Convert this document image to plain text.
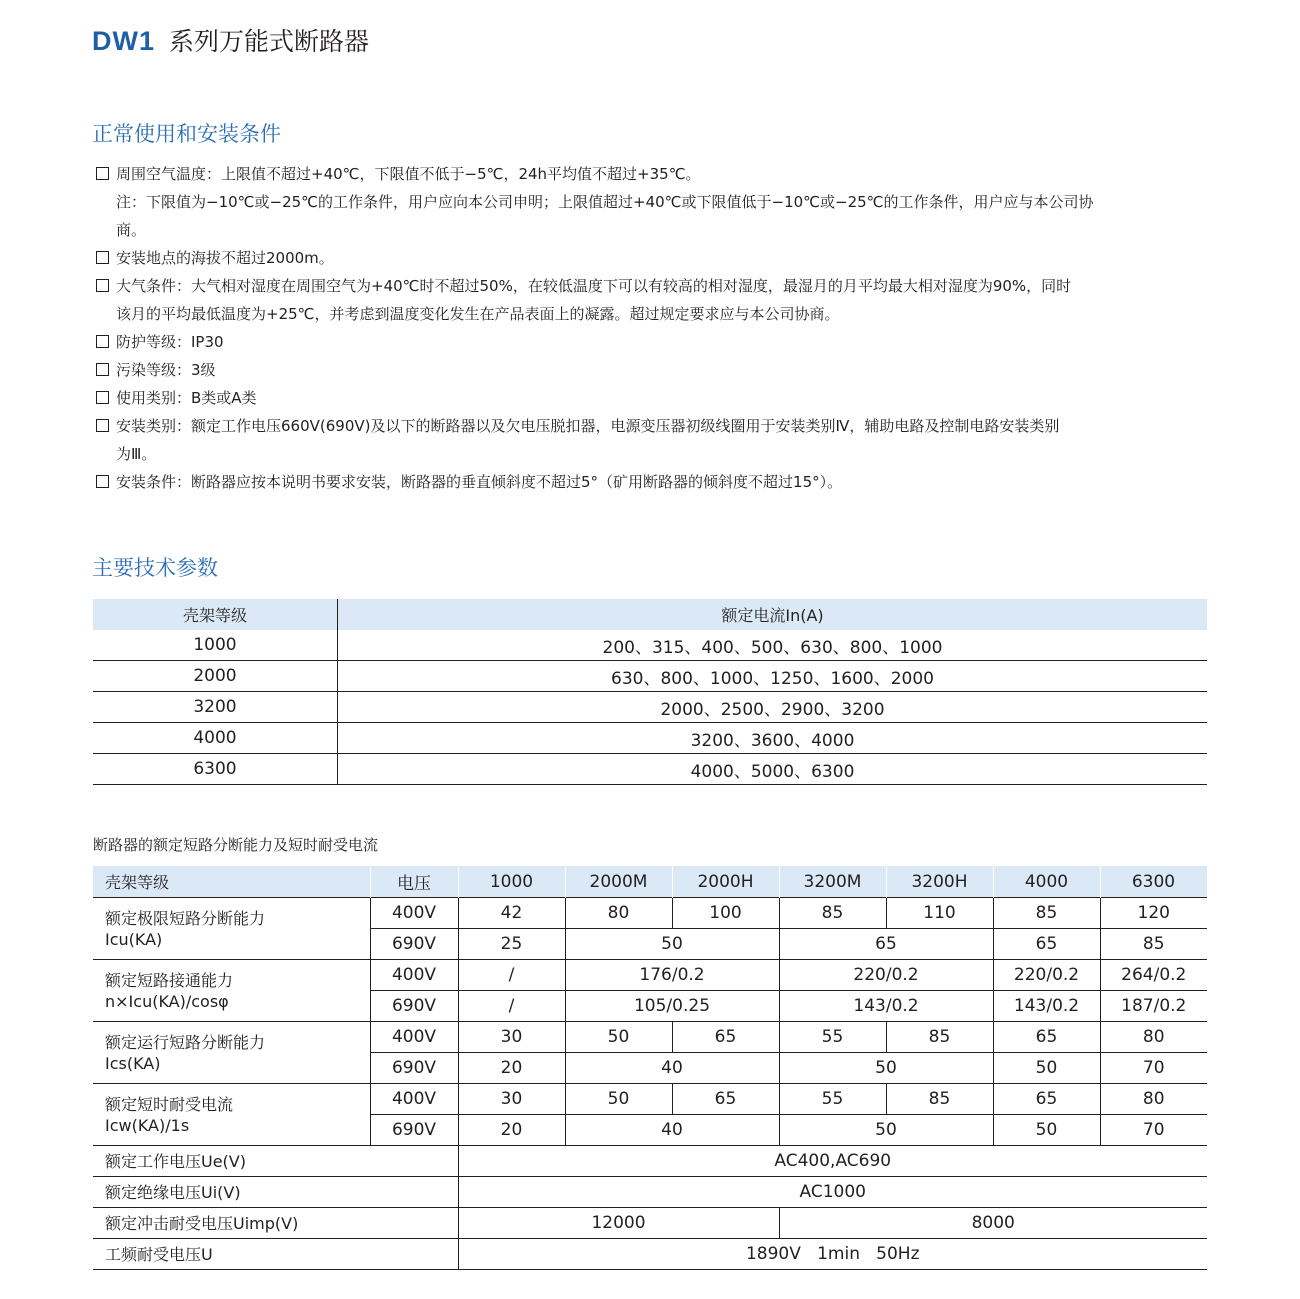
DW1 系列万能式断路器
正常使用和安装条件
周围空气温度：上限值不超过+40℃，下限值不低于−5℃，24h平均值不超过+35℃。
注：下限值为−10℃或−25℃的工作条件，用户应向本公司申明；上限值超过+40℃或下限值低于−10℃或−25℃的工作条件，用户应与本公司协
商。
安装地点的海拔不超过2000m。
大气条件：大气相对湿度在周围空气为+40℃时不超过50%，在较低温度下可以有较高的相对湿度，最湿月的月平均最大相对湿度为90%，同时
该月的平均最低温度为+25℃，并考虑到温度变化发生在产品表面上的凝露。超过规定要求应与本公司协商。
防护等级：IP30
污染等级：3级
使用类别：B类或A类
安装类别：额定工作电压660V(690V)及以下的断路器以及欠电压脱扣器，电源变压器初级线圈用于安装类别Ⅳ，辅助电路及控制电路安装类别
为Ⅲ。
安装条件：断路器应按本说明书要求安装，断路器的垂直倾斜度不超过5°（矿用断路器的倾斜度不超过15°）。
主要技术参数
壳架等级	额定电流In(A)
1000	200、315、400、500、630、800、1000
2000	630、800、1000、1250、1600、2000
3200	2000、2500、2900、3200
4000	3200、3600、4000
6300	4000、5000、6300

断路器的额定短路分断能力及短时耐受电流

壳架等级	电压	1000	2000M	2000H	3200M	3200H	4000	6300
额定极限短路分断能力
Icu(KA)	400V	42	80	100	85	110	85	120
	690V	25	50		65		65	85
额定短路接通能力
n×Icu(KA)/cosφ	400V	/	176/0.2		220/0.2		220/0.2	264/0.2
	690V	/	105/0.25		143/0.2		143/0.2	187/0.2
额定运行短路分断能力
Ics(KA)	400V	30	50	65	55	85	65	80
	690V	20	40		50		50	70
额定短时耐受电流
Icw(KA)/1s	400V	30	50	65	55	85	65	80
	690V	20	40		50		50	70
额定工作电压Ue(V)		AC400,AC690						
额定绝缘电压Ui(V)		AC1000						
额定冲击耐受电压Uimp(V)		12000			8000			
工频耐受电压U		1890V   1min   50Hz						
